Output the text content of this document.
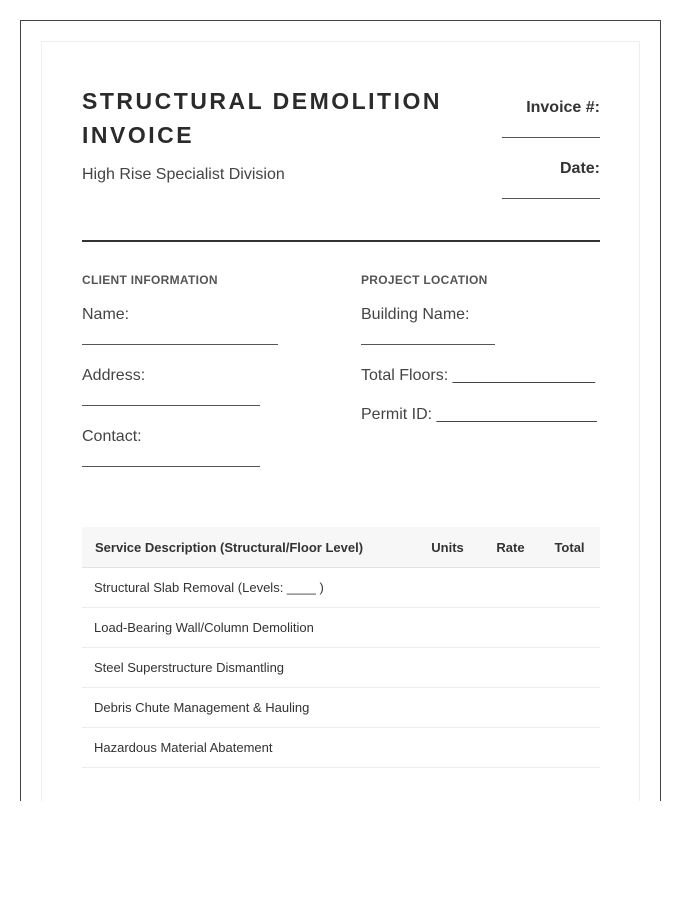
STRUCTURAL DEMOLITION
INVOICE
High Rise Specialist Division
Invoice #:
Date:
CLIENT INFORMATION
Name:
Address:
Contact:
PROJECT LOCATION
Building Name:
Total Floors: ________________
Permit ID: __________________
Service Description (Structural/Floor Level)	Units	Rate	Total
Structural Slab Removal (Levels: ____ )			
Load-Bearing Wall/Column Demolition			
Steel Superstructure Dismantling			
Debris Chute Management & Hauling			
Hazardous Material Abatement			
